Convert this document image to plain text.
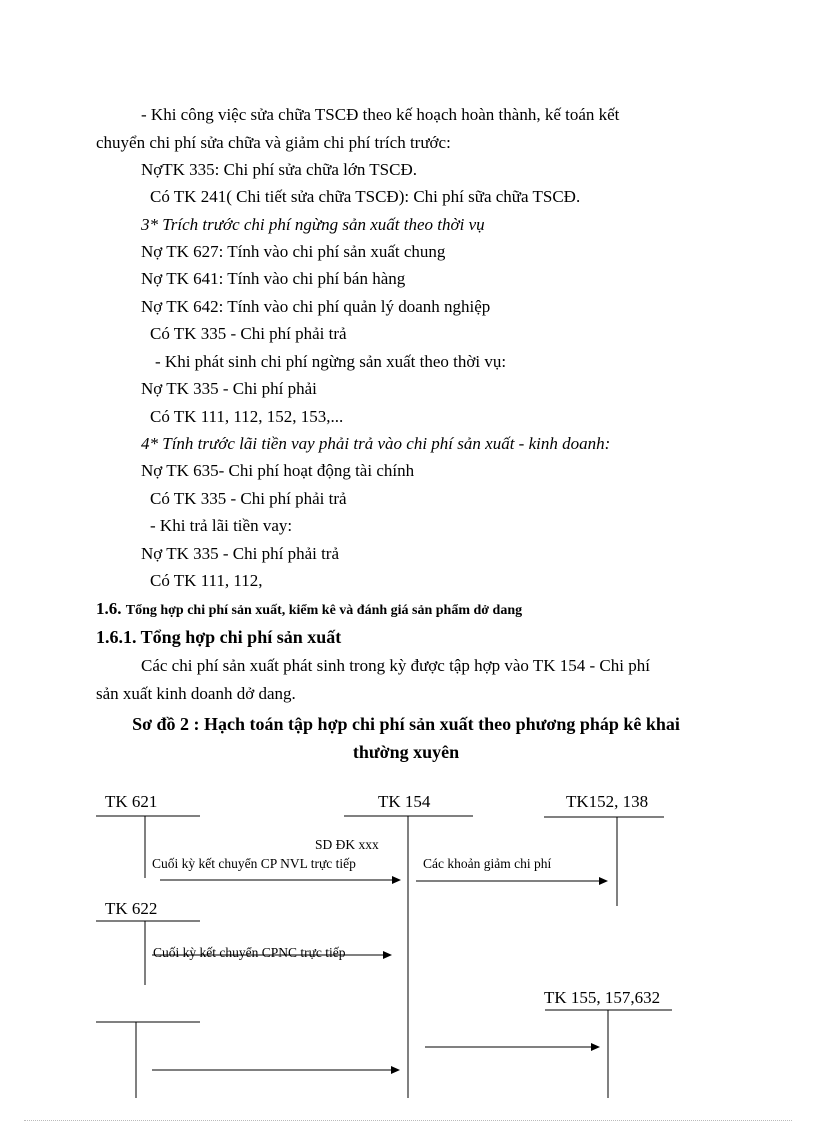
- Khi công việc sửa chữa TSCĐ theo kế hoạch hoàn thành, kế toán kết
chuyển chi phí sửa chữa và giảm chi phí trích trước:
NợTK 335: Chi phí sửa chữa lớn TSCĐ.
Có TK 241( Chi tiết sửa chữa TSCĐ): Chi phí sữa chữa TSCĐ.
3* Trích trước chi phí ngừng sản xuất theo thời vụ
Nợ TK 627: Tính vào chi phí sản xuất chung
Nợ TK 641: Tính vào chi phí bán hàng
Nợ TK 642: Tính vào chi phí quản lý doanh nghiệp
Có TK 335 - Chi phí phải trả
- Khi phát sinh chi phí ngừng sản xuất theo thời vụ:
Nợ TK 335 - Chi phí phải
Có TK 111, 112, 152, 153,...
4* Tính trước lãi tiền vay phải trả vào chi phí sản xuất - kinh doanh:
Nợ TK 635- Chi phí hoạt động tài chính
Có TK 335 - Chi phí phải trả
- Khi trả lãi tiền vay:
Nợ TK 335 - Chi phí phải trả
Có TK 111, 112,
1.6. Tổng hợp chi phí sản xuất, kiểm kê và đánh giá sản phẩm dở dang
1.6.1. Tổng hợp chi phí sản xuất
Các chi phí sản xuất phát sinh trong kỳ được tập hợp vào TK 154 - Chi phí
sản xuất kinh doanh dở dang.
Sơ đồ 2 : Hạch toán tập hợp chi phí sản xuất theo phương pháp kê khai
thường xuyên
TK 621	TK 154	TK152, 138
TK 622
TK 155, 157,632
SD ĐK xxx
Cuối kỳ kết chuyển CP NVL trực tiếp	Các khoản giảm chi phí
Cuối kỳ kết chuyển CPNC trực tiếp
